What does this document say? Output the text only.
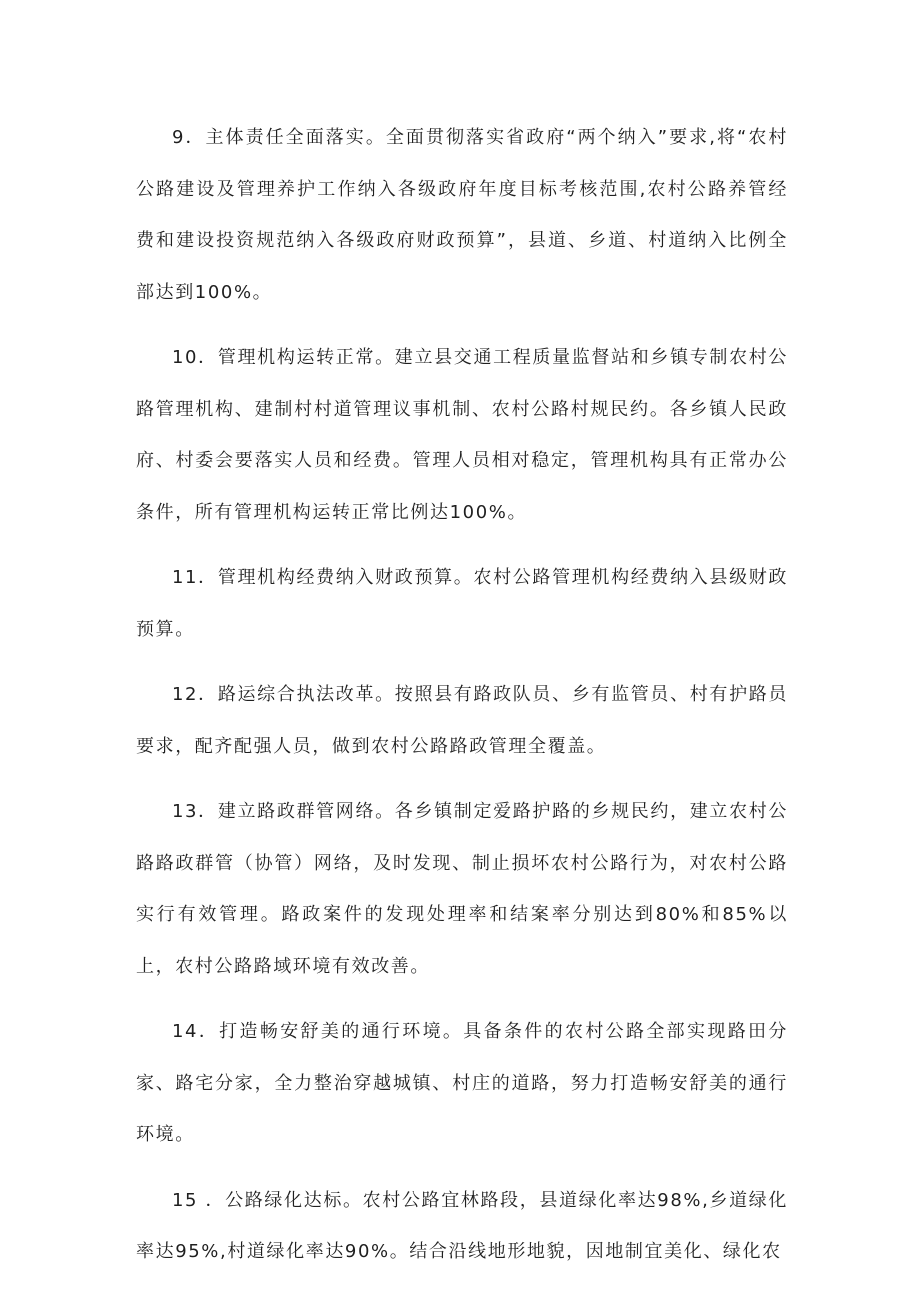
9．主体责任全面落实。全面贯彻落实省政府“两个纳入”要求,将“农村公路建设及管理养护工作纳入各级政府年度目标考核范围,农村公路养管经费和建设投资规范纳入各级政府财政预算”，县道、乡道、村道纳入比例全部达到100%。

10．管理机构运转正常。建立县交通工程质量监督站和乡镇专制农村公路管理机构、建制村村道管理议事机制、农村公路村规民约。各乡镇人民政府、村委会要落实人员和经费。管理人员相对稳定，管理机构具有正常办公条件，所有管理机构运转正常比例达100%。

11．管理机构经费纳入财政预算。农村公路管理机构经费纳入县级财政预算。

12．路运综合执法改革。按照县有路政队员、乡有监管员、村有护路员要求，配齐配强人员，做到农村公路路政管理全覆盖。

13．建立路政群管网络。各乡镇制定爱路护路的乡规民约，建立农村公路路政群管（协管）网络，及时发现、制止损坏农村公路行为，对农村公路实行有效管理。路政案件的发现处理率和结案率分别达到80%和85%以上，农村公路路域环境有效改善。

14．打造畅安舒美的通行环境。具备条件的农村公路全部实现路田分家、路宅分家，全力整治穿越城镇、村庄的道路，努力打造畅安舒美的通行环境。

15 ．公路绿化达标。农村公路宜林路段，县道绿化率达98%,乡道绿化率达95%,村道绿化率达90%。结合沿线地形地貌，因地制宜美化、绿化农
